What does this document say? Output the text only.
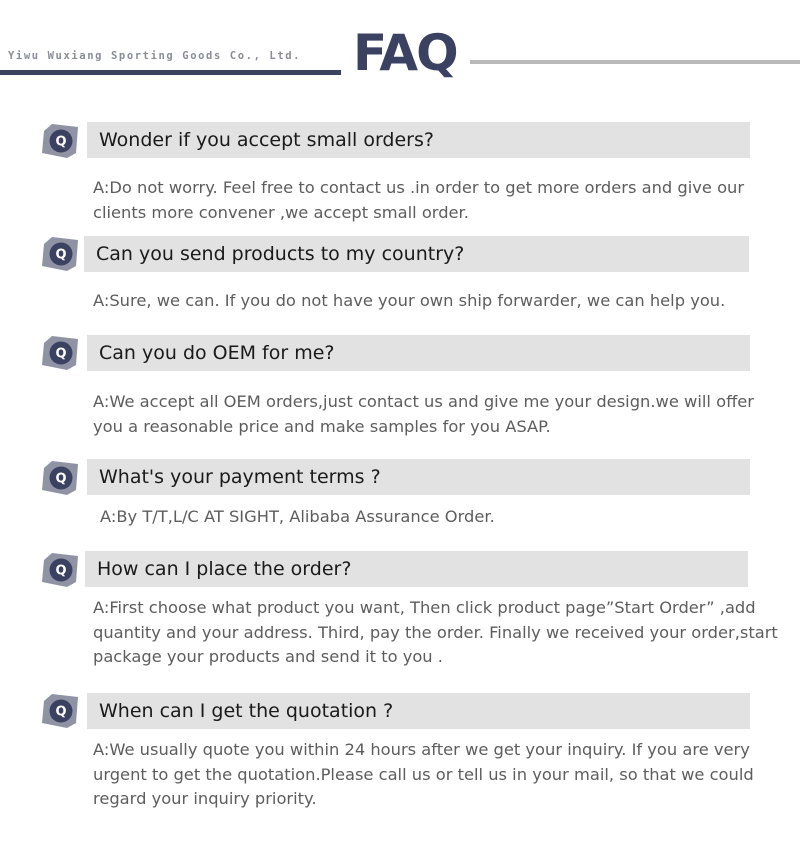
Yiwu Wuxiang Sporting Goods Co., Ltd. FAQ
Q Wonder if you accept small orders?
A:Do not worry. Feel free to contact us .in order to get more orders and give our clients more convener ,we accept small order.
Q Can you send products to my country?
A:Sure, we can. If you do not have your own ship forwarder, we can help you.
Q Can you do OEM for me?
A:We accept all OEM orders,just contact us and give me your design.we will offer you a reasonable price and make samples for you ASAP.
Q What's your payment terms ?
A:By T/T,L/C AT SIGHT, Alibaba Assurance Order.
Q How can I place the order?
A:First choose what product you want, Then click product page”Start Order” ,add quantity and your address. Third, pay the order. Finally we received your order,start package your products and send it to you .
Q When can I get the quotation ?
A:We usually quote you within 24 hours after we get your inquiry. If you are very urgent to get the quotation.Please call us or tell us in your mail, so that we could regard your inquiry priority.
